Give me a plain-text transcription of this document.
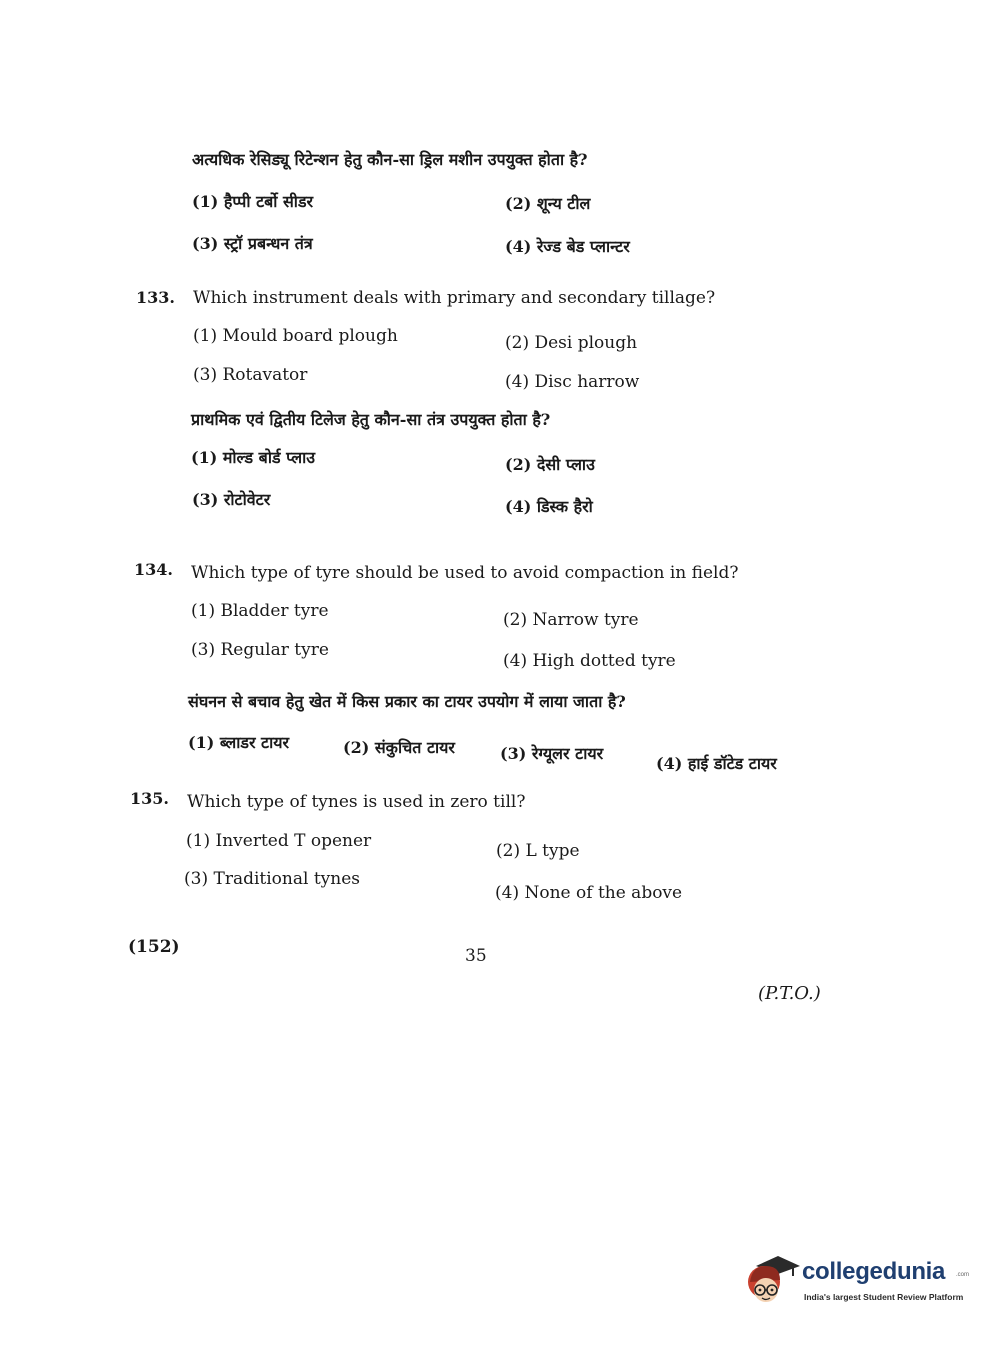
अत्यधिक रेसिड्यू रिटेन्शन हेतु कौन-सा ड्रिल मशीन उपयुक्त होता है?
(1) हैप्पी टर्बो सीडर	(2) शून्य टील
(3) स्ट्रॉ प्रबन्धन तंत्र	(4) रेज्ड बेड प्लान्टर
133. Which instrument deals with primary and secondary tillage?
(1) Mould board plough	(2) Desi plough
(3) Rotavator	(4) Disc harrow
प्राथमिक एवं द्वितीय टिलेज हेतु कौन-सा तंत्र उपयुक्त होता है?
(1) मोल्ड बोर्ड प्लाउ	(2) देसी प्लाउ
(3) रोटोवेटर	(4) डिस्क हैरो
134. Which type of tyre should be used to avoid compaction in field?
(1) Bladder tyre	(2) Narrow tyre
(3) Regular tyre
(4) High dotted tyre
संघनन से बचाव हेतु खेत में किस प्रकार का टायर उपयोग में लाया जाता है?
(1) ब्लाडर टायर	(2) संकुचित टायर	(3) रेग्यूलर टायर
(4) हाई डॉटेड टायर
135. Which type of tynes is used in zero till?
(1) Inverted T opener	(2) L type
(3) Traditional tynes
(4) None of the above
(152)	35
(P.T.O.)
collegedunia .com
India's largest Student Review Platform
